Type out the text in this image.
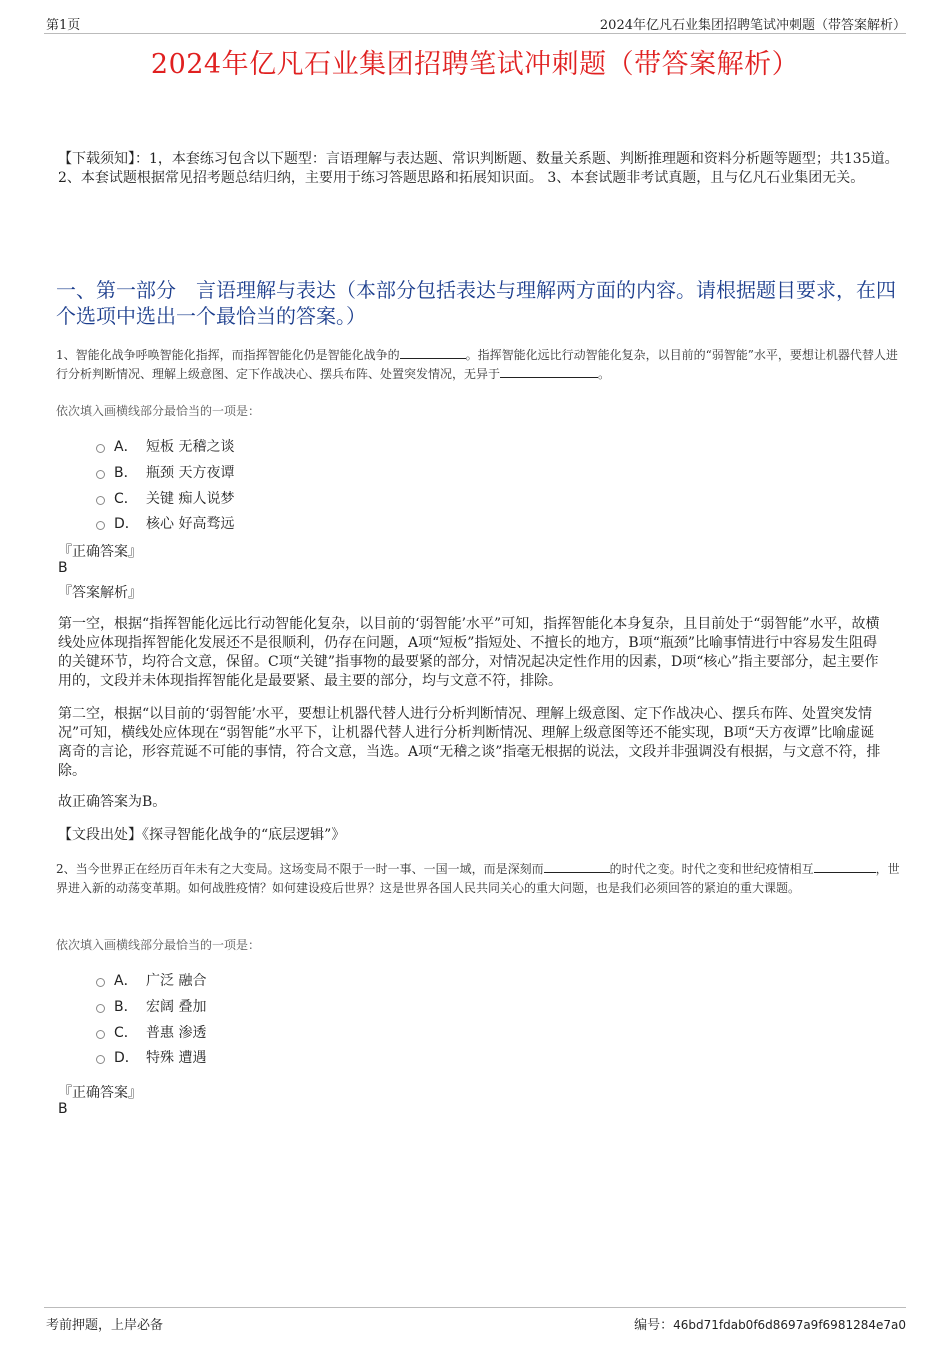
第1页	2024年亿凡石业集团招聘笔试冲刺题（带答案解析）
2024年亿凡石业集团招聘笔试冲刺题（带答案解析）
【下载须知】：1，本套练习包含以下题型：言语理解与表达题、常识判断题、数量关系题、判断推理题和资料分析题等题型；共135道。 2、本套试题根据常见招考题总结归纳，主要用于练习答题思路和拓展知识面。 3、本套试题非考试真题，且与亿凡石业集团无关。
一、第一部分　言语理解与表达（本部分包括表达与理解两方面的内容。请根据题目要求，在四个选项中选出一个最恰当的答案。）
1、智能化战争呼唤智能化指挥，而指挥智能化仍是智能化战争的	。指挥智能化远比行动智能化复杂，以目前的“弱智能”水平，要想让机器代替人进行分析判断情况、理解上级意图、定下作战决心、摆兵布阵、处置突发情况，无异于	。
依次填入画横线部分最恰当的一项是：
A． 短板 无稽之谈
B． 瓶颈 天方夜谭
C． 关键 痴人说梦
D． 核心 好高骛远
『正确答案』
B
『答案解析』
第一空，根据“指挥智能化远比行动智能化复杂，以目前的‘弱智能’水平”可知，指挥智能化本身复杂，且目前处于“弱智能”水平，故横线处应体现指挥智能化发展还不是很顺利，仍存在问题，A项“短板”指短处、不擅长的地方，B项“瓶颈”比喻事情进行中容易发生阻碍的关键环节，均符合文意，保留。C项“关键”指事物的最要紧的部分，对情况起决定性作用的因素，D项“核心”指主要部分，起主要作用的，文段并未体现指挥智能化是最要紧、最主要的部分，均与文意不符，排除。
第二空，根据“以目前的‘弱智能’水平，要想让机器代替人进行分析判断情况、理解上级意图、定下作战决心、摆兵布阵、处置突发情况”可知，横线处应体现在“弱智能”水平下，让机器代替人进行分析判断情况、理解上级意图等还不能实现，B项“天方夜谭”比喻虚诞离奇的言论，形容荒诞不可能的事情，符合文意，当选。A项“无稽之谈”指毫无根据的说法，文段并非强调没有根据，与文意不符，排除。
故正确答案为B。
【文段出处】《探寻智能化战争的“底层逻辑”》
2、当今世界正在经历百年未有之大变局。这场变局不限于一时一事、一国一域，而是深刻而	的时代之变。时代之变和世纪疫情相互	，世界进入新的动荡变革期。如何战胜疫情？如何建设疫后世界？这是世界各国人民共同关心的重大问题，也是我们必须回答的紧迫的重大课题。
依次填入画横线部分最恰当的一项是：
A． 广泛 融合
B． 宏阔 叠加
C． 普惠 渗透
D． 特殊 遭遇
『正确答案』
B
考前押题，上岸必备	编号：46bd71fdab0f6d8697a9f6981284e7a0
